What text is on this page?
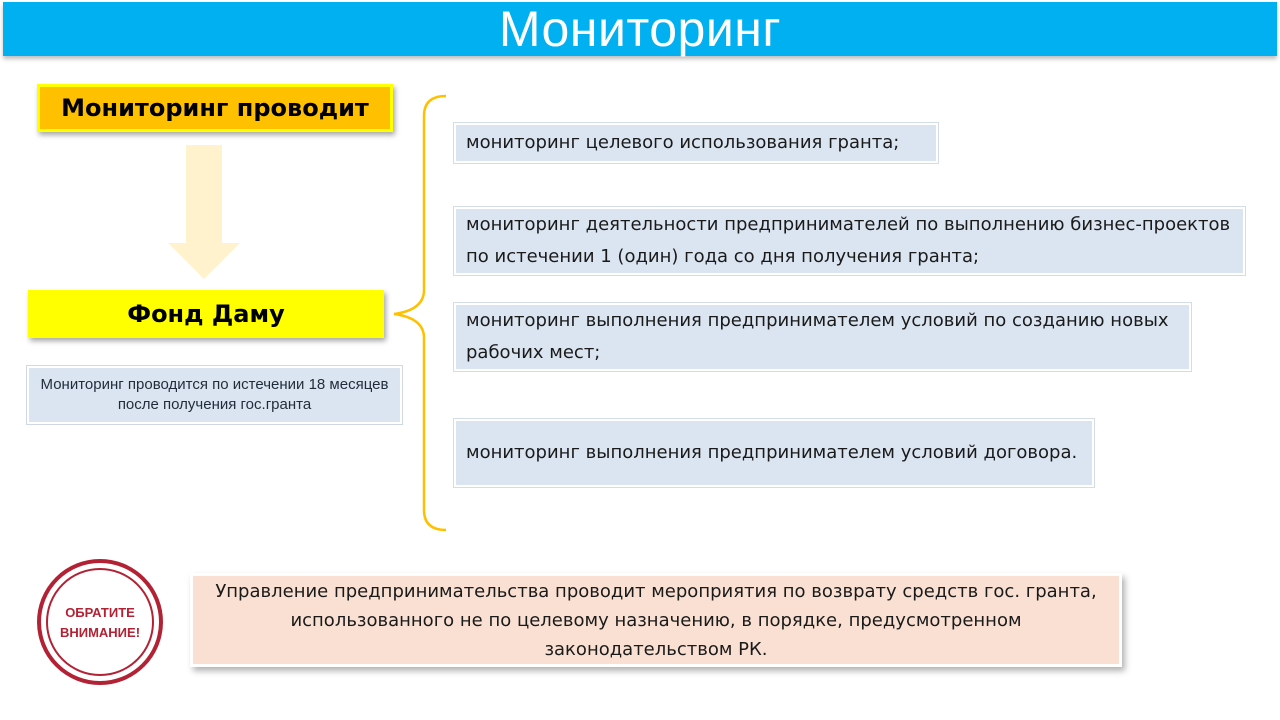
Мониторинг
Мониторинг проводит
Фонд Даму
Мониторинг проводится по истечении 18 месяцев после получения гос.гранта
мониторинг целевого использования гранта;
мониторинг деятельности предпринимателей по выполнению бизнес-проектов по истечении 1 (один) года со дня получения гранта;
мониторинг выполнения предпринимателем условий по созданию новых рабочих мест;
мониторинг выполнения предпринимателем условий договора.
ОБРАТИТЕ
ВНИМАНИЕ!
Управление предпринимательства проводит мероприятия по возврату средств гос. гранта, использованного не по целевому назначению, в порядке, предусмотренном законодательством РК.
